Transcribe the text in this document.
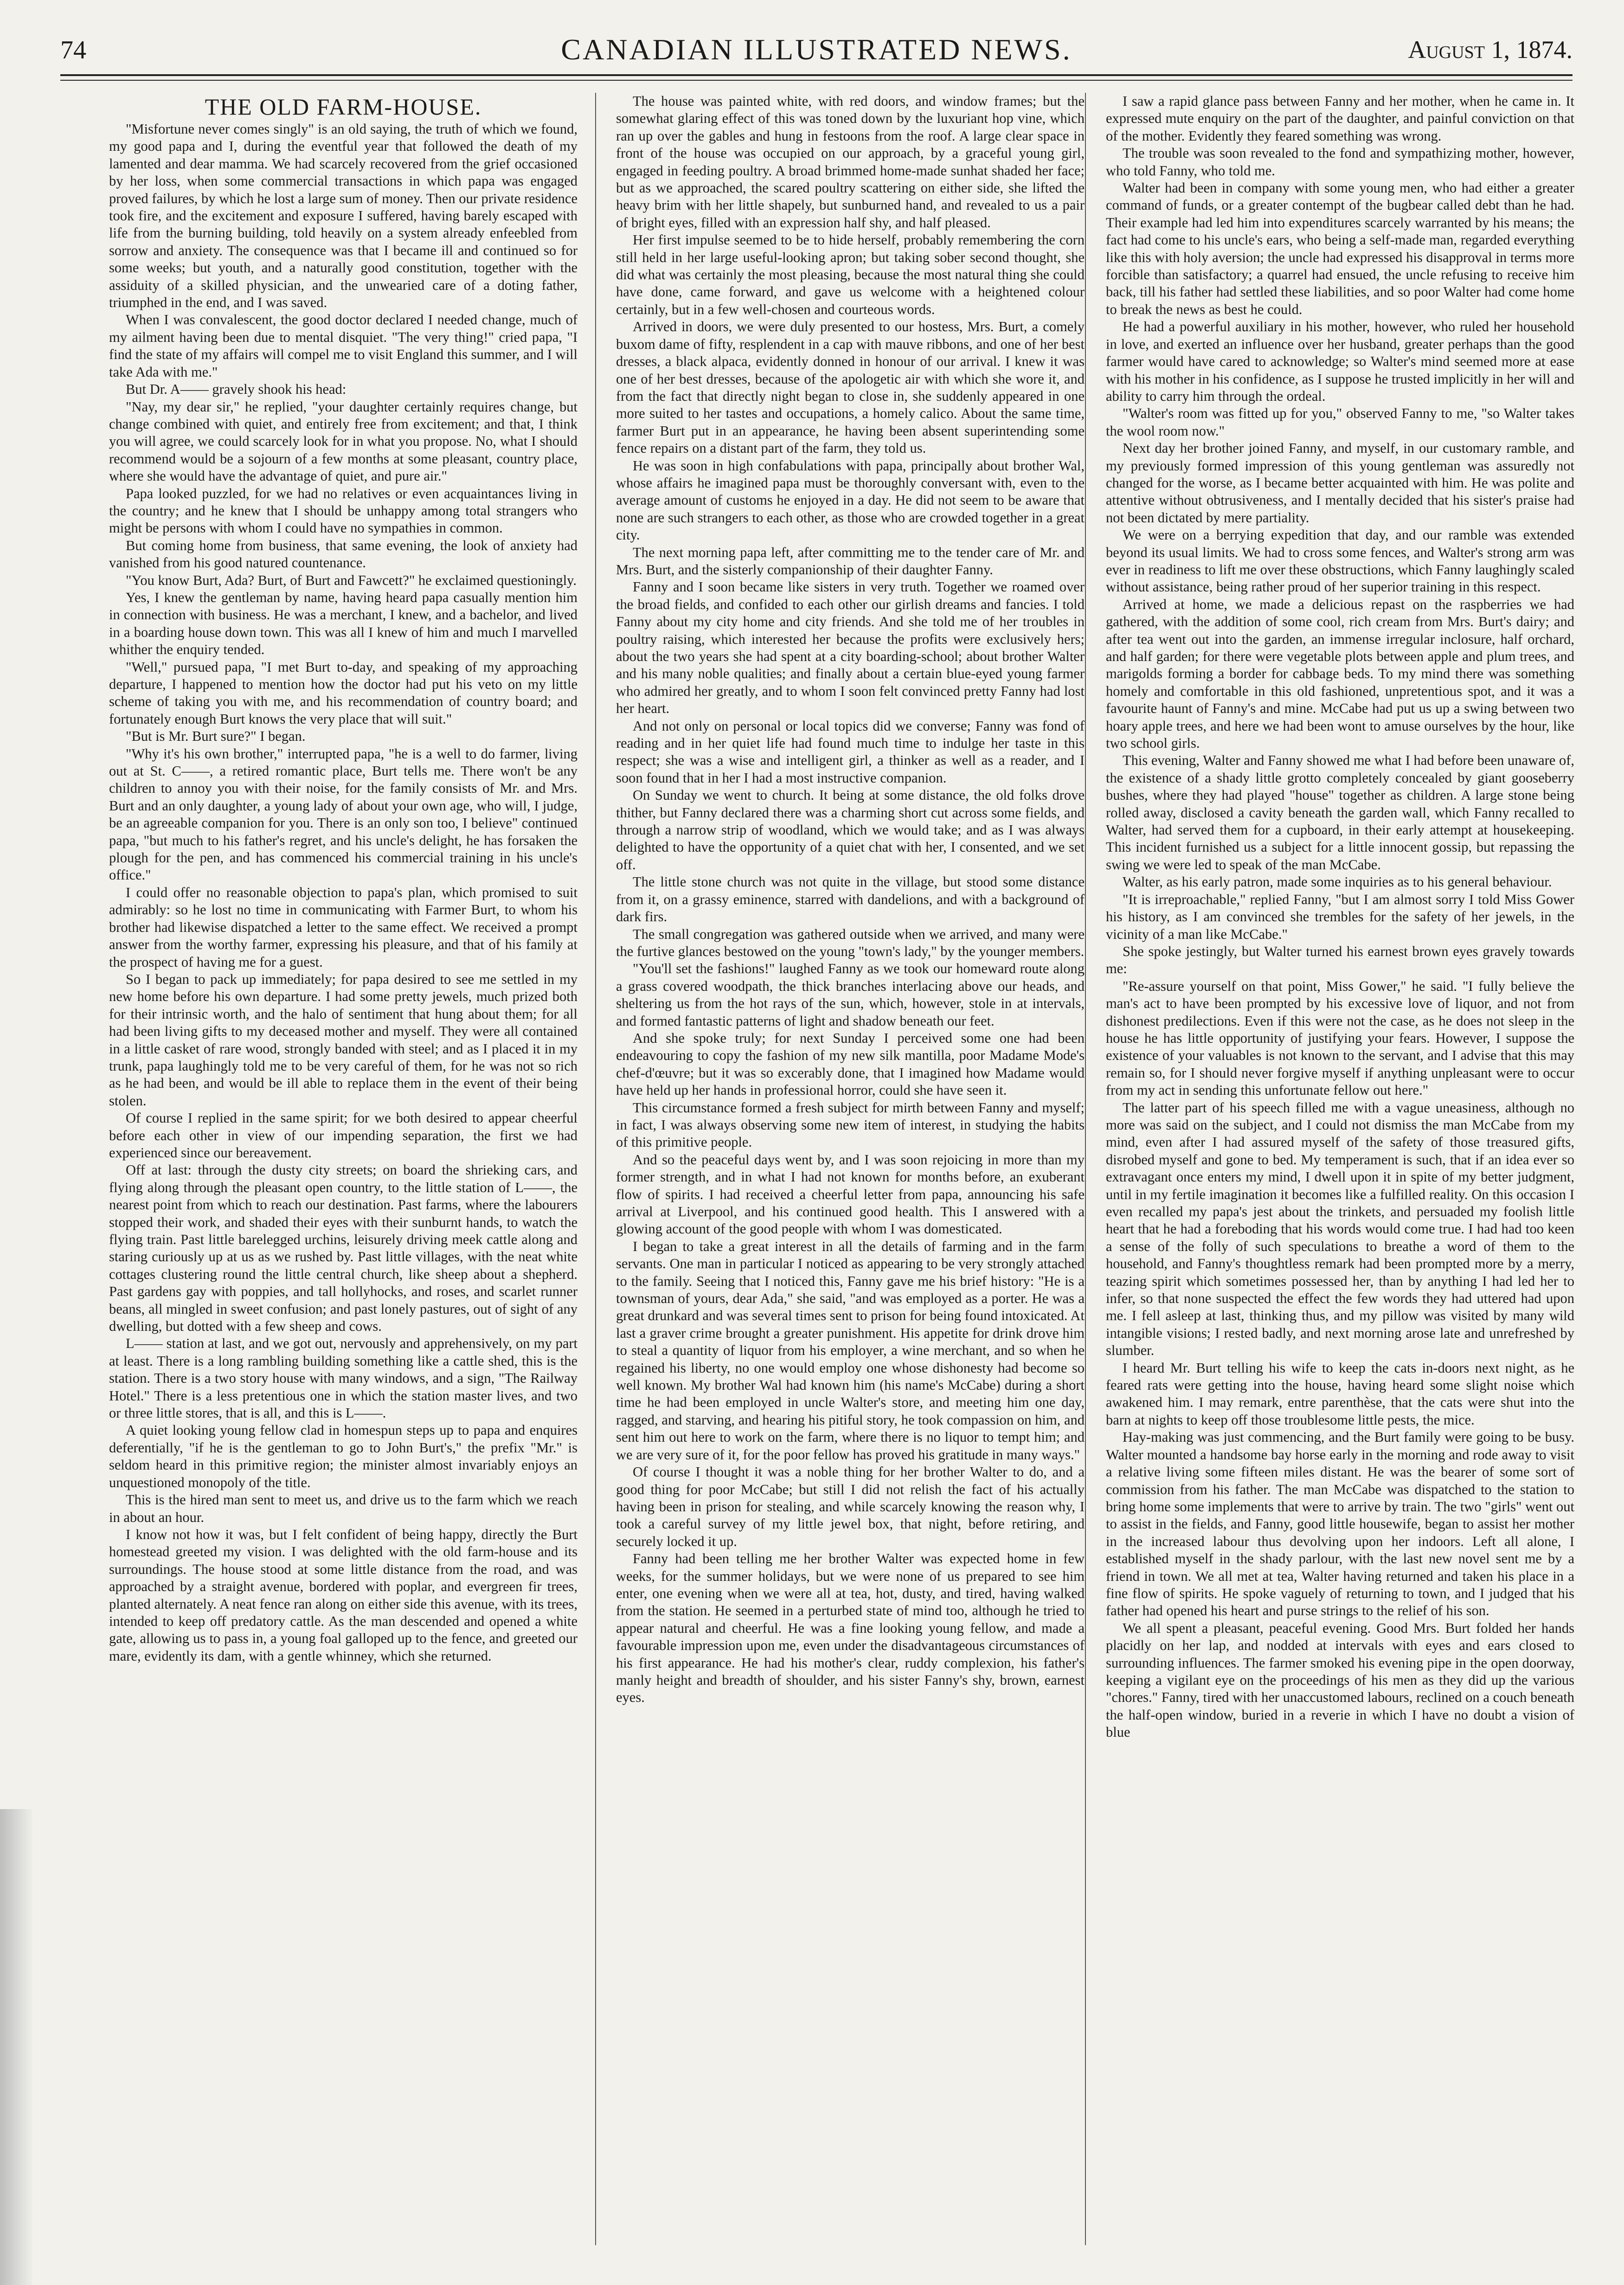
74	CANADIAN ILLUSTRATED NEWS.	August 1, 1874.

THE OLD FARM-HOUSE.

"Misfortune never comes singly" is an old saying, the truth of which we found, my good papa and I, during the eventful year that followed the death of my lamented and dear mamma. We had scarcely recovered from the grief occasioned by her loss, when some commercial transactions in which papa was engaged proved failures, by which he lost a large sum of money. Then our private residence took fire, and the excitement and exposure I suffered, having barely escaped with life from the burning building, told heavily on a system already enfeebled from sorrow and anxiety. The consequence was that I became ill and continued so for some weeks; but youth, and a naturally good constitution, together with the assiduity of a skilled physician, and the unwearied care of a doting father, triumphed in the end, and I was saved.

When I was convalescent, the good doctor declared I needed change, much of my ailment having been due to mental disquiet. "The very thing!" cried papa, "I find the state of my affairs will compel me to visit England this summer, and I will take Ada with me."

But Dr. A—— gravely shook his head:

"Nay, my dear sir," he replied, "your daughter certainly requires change, but change combined with quiet, and entirely free from excitement; and that, I think you will agree, we could scarcely look for in what you propose. No, what I should recommend would be a sojourn of a few months at some pleasant, country place, where she would have the advantage of quiet, and pure air."

Papa looked puzzled, for we had no relatives or even acquaintances living in the country; and he knew that I should be unhappy among total strangers who might be persons with whom I could have no sympathies in common.

But coming home from business, that same evening, the look of anxiety had vanished from his good natured countenance.

"You know Burt, Ada? Burt, of Burt and Fawcett?" he exclaimed questioningly.

Yes, I knew the gentleman by name, having heard papa casually mention him in connection with business. He was a merchant, I knew, and a bachelor, and lived in a boarding house down town. This was all I knew of him and much I marvelled whither the enquiry tended.

"Well," pursued papa, "I met Burt to-day, and speaking of my approaching departure, I happened to mention how the doctor had put his veto on my little scheme of taking you with me, and his recommendation of country board; and fortunately enough Burt knows the very place that will suit."

"But is Mr. Burt sure?" I began.

"Why it's his own brother," interrupted papa, "he is a well to do farmer, living out at St. C——, a retired romantic place, Burt tells me. There won't be any children to annoy you with their noise, for the family consists of Mr. and Mrs. Burt and an only daughter, a young lady of about your own age, who will, I judge, be an agreeable companion for you. There is an only son too, I believe" continued papa, "but much to his father's regret, and his uncle's delight, he has forsaken the plough for the pen, and has commenced his commercial training in his uncle's office."

I could offer no reasonable objection to papa's plan, which promised to suit admirably: so he lost no time in communicating with Farmer Burt, to whom his brother had likewise dispatched a letter to the same effect. We received a prompt answer from the worthy farmer, expressing his pleasure, and that of his family at the prospect of having me for a guest.

So I began to pack up immediately; for papa desired to see me settled in my new home before his own departure. I had some pretty jewels, much prized both for their intrinsic worth, and the halo of sentiment that hung about them; for all had been living gifts to my deceased mother and myself. They were all contained in a little casket of rare wood, strongly banded with steel; and as I placed it in my trunk, papa laughingly told me to be very careful of them, for he was not so rich as he had been, and would be ill able to replace them in the event of their being stolen.

Of course I replied in the same spirit; for we both desired to appear cheerful before each other in view of our impending separation, the first we had experienced since our bereavement.

Off at last: through the dusty city streets; on board the shrieking cars, and flying along through the pleasant open country, to the little station of L——, the nearest point from which to reach our destination. Past farms, where the labourers stopped their work, and shaded their eyes with their sunburnt hands, to watch the flying train. Past little barelegged urchins, leisurely driving meek cattle along and staring curiously up at us as we rushed by. Past little villages, with the neat white cottages clustering round the little central church, like sheep about a shepherd. Past gardens gay with poppies, and tall hollyhocks, and roses, and scarlet runner beans, all mingled in sweet confusion; and past lonely pastures, out of sight of any dwelling, but dotted with a few sheep and cows.

L—— station at last, and we got out, nervously and apprehensively, on my part at least. There is a long rambling building something like a cattle shed, this is the station. There is a two story house with many windows, and a sign, "The Railway Hotel." There is a less pretentious one in which the station master lives, and two or three little stores, that is all, and this is L——.

A quiet looking young fellow clad in homespun steps up to papa and enquires deferentially, "if he is the gentleman to go to John Burt's," the prefix "Mr." is seldom heard in this primitive region; the minister almost invariably enjoys an unquestioned monopoly of the title.

This is the hired man sent to meet us, and drive us to the farm which we reach in about an hour.

I know not how it was, but I felt confident of being happy, directly the Burt homestead greeted my vision. I was delighted with the old farm-house and its surroundings. The house stood at some little distance from the road, and was approached by a straight avenue, bordered with poplar, and evergreen fir trees, planted alternately. A neat fence ran along on either side this avenue, with its trees, intended to keep off predatory cattle. As the man descended and opened a white gate, allowing us to pass in, a young foal galloped up to the fence, and greeted our mare, evidently its dam, with a gentle whinney, which she returned.

The house was painted white, with red doors, and window frames; but the somewhat glaring effect of this was toned down by the luxuriant hop vine, which ran up over the gables and hung in festoons from the roof. A large clear space in front of the house was occupied on our approach, by a graceful young girl, engaged in feeding poultry. A broad brimmed home-made sunhat shaded her face; but as we approached, the scared poultry scattering on either side, she lifted the heavy brim with her little shapely, but sunburned hand, and revealed to us a pair of bright eyes, filled with an expression half shy, and half pleased.

Her first impulse seemed to be to hide herself, probably remembering the corn still held in her large useful-looking apron; but taking sober second thought, she did what was certainly the most pleasing, because the most natural thing she could have done, came forward, and gave us welcome with a heightened colour certainly, but in a few well-chosen and courteous words.

Arrived in doors, we were duly presented to our hostess, Mrs. Burt, a comely buxom dame of fifty, resplendent in a cap with mauve ribbons, and one of her best dresses, a black alpaca, evidently donned in honour of our arrival. I knew it was one of her best dresses, because of the apologetic air with which she wore it, and from the fact that directly night began to close in, she suddenly appeared in one more suited to her tastes and occupations, a homely calico. About the same time, farmer Burt put in an appearance, he having been absent superintending some fence repairs on a distant part of the farm, they told us.

He was soon in high confabulations with papa, principally about brother Wal, whose affairs he imagined papa must be thoroughly conversant with, even to the average amount of customs he enjoyed in a day. He did not seem to be aware that none are such strangers to each other, as those who are crowded together in a great city.

The next morning papa left, after committing me to the tender care of Mr. and Mrs. Burt, and the sisterly companionship of their daughter Fanny.

Fanny and I soon became like sisters in very truth. Together we roamed over the broad fields, and confided to each other our girlish dreams and fancies. I told Fanny about my city home and city friends. And she told me of her troubles in poultry raising, which interested her because the profits were exclusively hers; about the two years she had spent at a city boarding-school; about brother Walter and his many noble qualities; and finally about a certain blue-eyed young farmer who admired her greatly, and to whom I soon felt convinced pretty Fanny had lost her heart.

And not only on personal or local topics did we converse; Fanny was fond of reading and in her quiet life had found much time to indulge her taste in this respect; she was a wise and intelligent girl, a thinker as well as a reader, and I soon found that in her I had a most instructive companion.

On Sunday we went to church. It being at some distance, the old folks drove thither, but Fanny declared there was a charming short cut across some fields, and through a narrow strip of woodland, which we would take; and as I was always delighted to have the opportunity of a quiet chat with her, I consented, and we set off.

The little stone church was not quite in the village, but stood some distance from it, on a grassy eminence, starred with dandelions, and with a background of dark firs.

The small congregation was gathered outside when we arrived, and many were the furtive glances bestowed on the young "town's lady," by the younger members.

"You'll set the fashions!" laughed Fanny as we took our homeward route along a grass covered woodpath, the thick branches interlacing above our heads, and sheltering us from the hot rays of the sun, which, however, stole in at intervals, and formed fantastic patterns of light and shadow beneath our feet.

And she spoke truly; for next Sunday I perceived some one had been endeavouring to copy the fashion of my new silk mantilla, poor Madame Mode's chef-d'œuvre; but it was so excerably done, that I imagined how Madame would have held up her hands in professional horror, could she have seen it.

This circumstance formed a fresh subject for mirth between Fanny and myself; in fact, I was always observing some new item of interest, in studying the habits of this primitive people.

And so the peaceful days went by, and I was soon rejoicing in more than my former strength, and in what I had not known for months before, an exuberant flow of spirits. I had received a cheerful letter from papa, announcing his safe arrival at Liverpool, and his continued good health. This I answered with a glowing account of the good people with whom I was domesticated.

I began to take a great interest in all the details of farming and in the farm servants. One man in particular I noticed as appearing to be very strongly attached to the family. Seeing that I noticed this, Fanny gave me his brief history: "He is a townsman of yours, dear Ada," she said, "and was employed as a porter. He was a great drunkard and was several times sent to prison for being found intoxicated. At last a graver crime brought a greater punishment. His appetite for drink drove him to steal a quantity of liquor from his employer, a wine merchant, and so when he regained his liberty, no one would employ one whose dishonesty had become so well known. My brother Wal had known him (his name's McCabe) during a short time he had been employed in uncle Walter's store, and meeting him one day, ragged, and starving, and hearing his pitiful story, he took compassion on him, and sent him out here to work on the farm, where there is no liquor to tempt him; and we are very sure of it, for the poor fellow has proved his gratitude in many ways."

Of course I thought it was a noble thing for her brother Walter to do, and a good thing for poor McCabe; but still I did not relish the fact of his actually having been in prison for stealing, and while scarcely knowing the reason why, I took a careful survey of my little jewel box, that night, before retiring, and securely locked it up.

Fanny had been telling me her brother Walter was expected home in few weeks, for the summer holidays, but we were none of us prepared to see him enter, one evening when we were all at tea, hot, dusty, and tired, having walked from the station. He seemed in a perturbed state of mind too, although he tried to appear natural and cheerful. He was a fine looking young fellow, and made a favourable impression upon me, even under the disadvantageous circumstances of his first appearance. He had his mother's clear, ruddy complexion, his father's manly height and breadth of shoulder, and his sister Fanny's shy, brown, earnest eyes.

I saw a rapid glance pass between Fanny and her mother, when he came in. It expressed mute enquiry on the part of the daughter, and painful conviction on that of the mother. Evidently they feared something was wrong.

The trouble was soon revealed to the fond and sympathizing mother, however, who told Fanny, who told me.

Walter had been in company with some young men, who had either a greater command of funds, or a greater contempt of the bugbear called debt than he had. Their example had led him into expenditures scarcely warranted by his means; the fact had come to his uncle's ears, who being a self-made man, regarded everything like this with holy aversion; the uncle had expressed his disapproval in terms more forcible than satisfactory; a quarrel had ensued, the uncle refusing to receive him back, till his father had settled these liabilities, and so poor Walter had come home to break the news as best he could.

He had a powerful auxiliary in his mother, however, who ruled her household in love, and exerted an influence over her husband, greater perhaps than the good farmer would have cared to acknowledge; so Walter's mind seemed more at ease with his mother in his confidence, as I suppose he trusted implicitly in her will and ability to carry him through the ordeal.

"Walter's room was fitted up for you," observed Fanny to me, "so Walter takes the wool room now."

Next day her brother joined Fanny, and myself, in our customary ramble, and my previously formed impression of this young gentleman was assuredly not changed for the worse, as I became better acquainted with him. He was polite and attentive without obtrusiveness, and I mentally decided that his sister's praise had not been dictated by mere partiality.

We were on a berrying expedition that day, and our ramble was extended beyond its usual limits. We had to cross some fences, and Walter's strong arm was ever in readiness to lift me over these obstructions, which Fanny laughingly scaled without assistance, being rather proud of her superior training in this respect.

Arrived at home, we made a delicious repast on the raspberries we had gathered, with the addition of some cool, rich cream from Mrs. Burt's dairy; and after tea went out into the garden, an immense irregular inclosure, half orchard, and half garden; for there were vegetable plots between apple and plum trees, and marigolds forming a border for cabbage beds. To my mind there was something homely and comfortable in this old fashioned, unpretentious spot, and it was a favourite haunt of Fanny's and mine. McCabe had put us up a swing between two hoary apple trees, and here we had been wont to amuse ourselves by the hour, like two school girls.

This evening, Walter and Fanny showed me what I had before been unaware of, the existence of a shady little grotto completely concealed by giant gooseberry bushes, where they had played "house" together as children. A large stone being rolled away, disclosed a cavity beneath the garden wall, which Fanny recalled to Walter, had served them for a cupboard, in their early attempt at housekeeping. This incident furnished us a subject for a little innocent gossip, but repassing the swing we were led to speak of the man McCabe.

Walter, as his early patron, made some inquiries as to his general behaviour.

"It is irreproachable," replied Fanny, "but I am almost sorry I told Miss Gower his history, as I am convinced she trembles for the safety of her jewels, in the vicinity of a man like McCabe."

She spoke jestingly, but Walter turned his earnest brown eyes gravely towards me:

"Re-assure yourself on that point, Miss Gower," he said. "I fully believe the man's act to have been prompted by his excessive love of liquor, and not from dishonest predilections. Even if this were not the case, as he does not sleep in the house he has little opportunity of justifying your fears. However, I suppose the existence of your valuables is not known to the servant, and I advise that this may remain so, for I should never forgive myself if anything unpleasant were to occur from my act in sending this unfortunate fellow out here."

The latter part of his speech filled me with a vague uneasiness, although no more was said on the subject, and I could not dismiss the man McCabe from my mind, even after I had assured myself of the safety of those treasured gifts, disrobed myself and gone to bed. My temperament is such, that if an idea ever so extravagant once enters my mind, I dwell upon it in spite of my better judgment, until in my fertile imagination it becomes like a fulfilled reality. On this occasion I even recalled my papa's jest about the trinkets, and persuaded my foolish little heart that he had a foreboding that his words would come true. I had had too keen a sense of the folly of such speculations to breathe a word of them to the household, and Fanny's thoughtless remark had been prompted more by a merry, teazing spirit which sometimes possessed her, than by anything I had led her to infer, so that none suspected the effect the few words they had uttered had upon me. I fell asleep at last, thinking thus, and my pillow was visited by many wild intangible visions; I rested badly, and next morning arose late and unrefreshed by slumber.

I heard Mr. Burt telling his wife to keep the cats in-doors next night, as he feared rats were getting into the house, having heard some slight noise which awakened him. I may remark, entre parenthèse, that the cats were shut into the barn at nights to keep off those troublesome little pests, the mice.

Hay-making was just commencing, and the Burt family were going to be busy. Walter mounted a handsome bay horse early in the morning and rode away to visit a relative living some fifteen miles distant. He was the bearer of some sort of commission from his father. The man McCabe was dispatched to the station to bring home some implements that were to arrive by train. The two "girls" went out to assist in the fields, and Fanny, good little housewife, began to assist her mother in the increased labour thus devolving upon her indoors. Left all alone, I established myself in the shady parlour, with the last new novel sent me by a friend in town. We all met at tea, Walter having returned and taken his place in a fine flow of spirits. He spoke vaguely of returning to town, and I judged that his father had opened his heart and purse strings to the relief of his son.

We all spent a pleasant, peaceful evening. Good Mrs. Burt folded her hands placidly on her lap, and nodded at intervals with eyes and ears closed to surrounding influences. The farmer smoked his evening pipe in the open doorway, keeping a vigilant eye on the proceedings of his men as they did up the various "chores." Fanny, tired with her unaccustomed labours, reclined on a couch beneath the half-open window, buried in a reverie in which I have no doubt a vision of blue
